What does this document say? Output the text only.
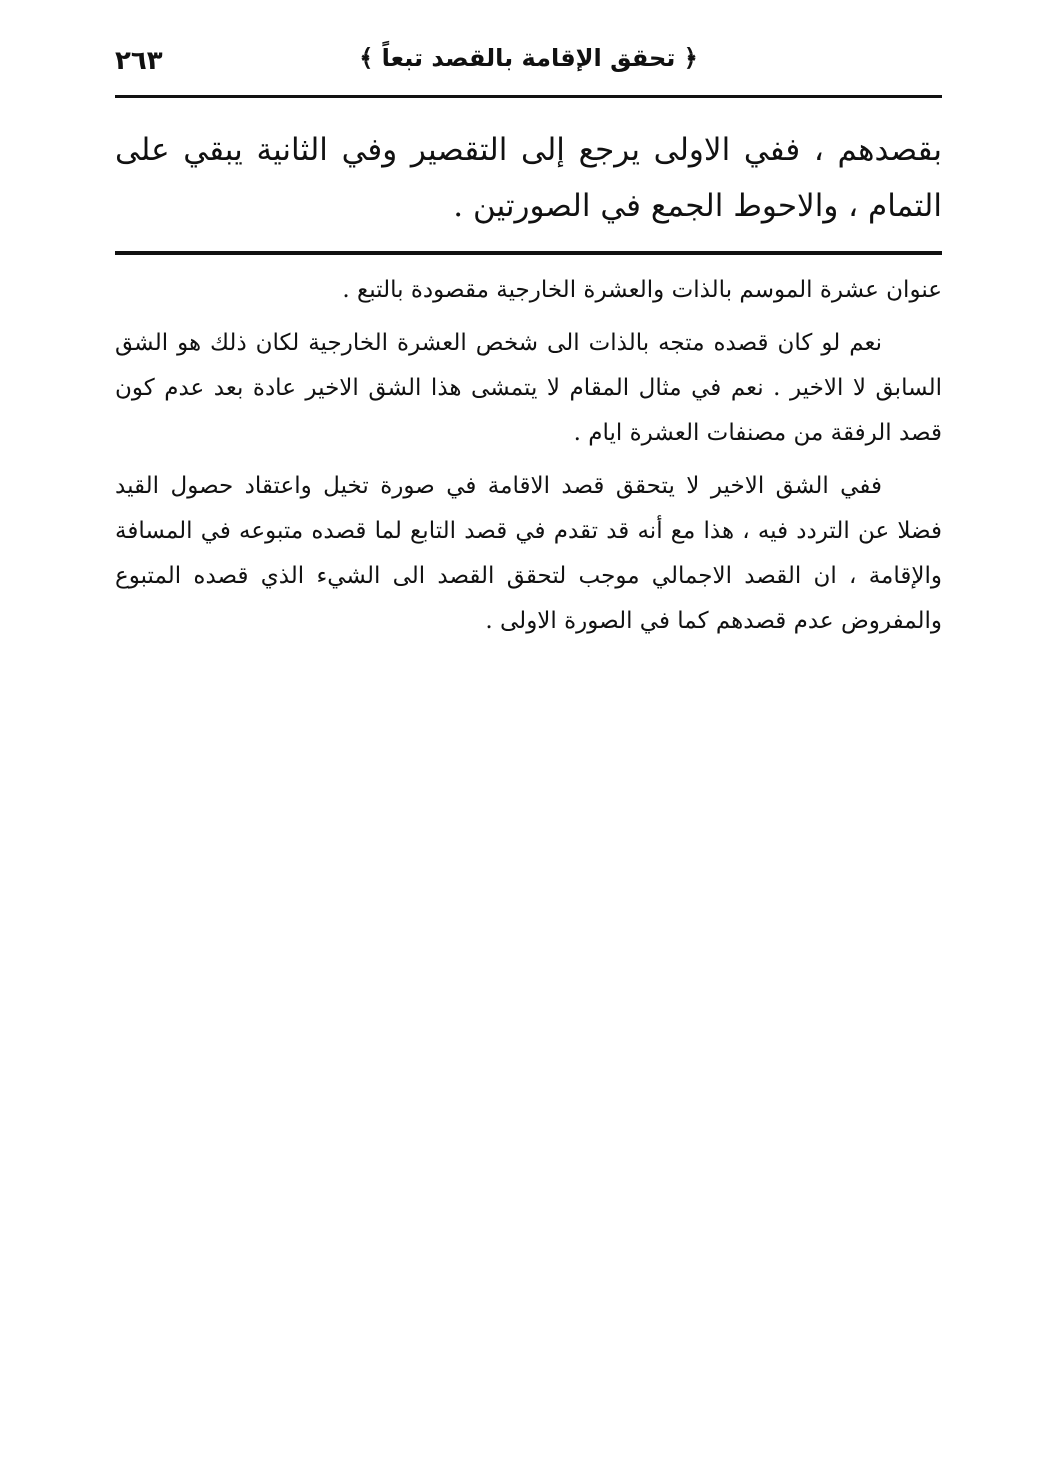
٢٦٣	﴿ تحقق الإقامة بالقصد تبعاً ﴾

بقصدهم ، ففي الاولى يرجع إلى التقصير وفي الثانية يبقي على التمام ، والاحوط الجمع في الصورتين .

عنوان عشرة الموسم بالذات والعشرة الخارجية مقصودة بالتبع .

نعم لو كان قصده متجه بالذات الى شخص العشرة الخارجية لكان ذلك هو الشق السابق لا الاخير . نعم في مثال المقام لا يتمشى هذا الشق الاخير عادة بعد عدم كون قصد الرفقة من مصنفات العشرة ايام .

ففي الشق الاخير لا يتحقق قصد الاقامة في صورة تخيل واعتقاد حصول القيد فضلا عن التردد فيه ، هذا مع أنه قد تقدم في قصد التابع لما قصده متبوعه في المسافة والإقامة ، ان القصد الاجمالي موجب لتحقق القصد الى الشيء الذي قصده المتبوع والمفروض عدم قصدهم كما في الصورة الاولى .
